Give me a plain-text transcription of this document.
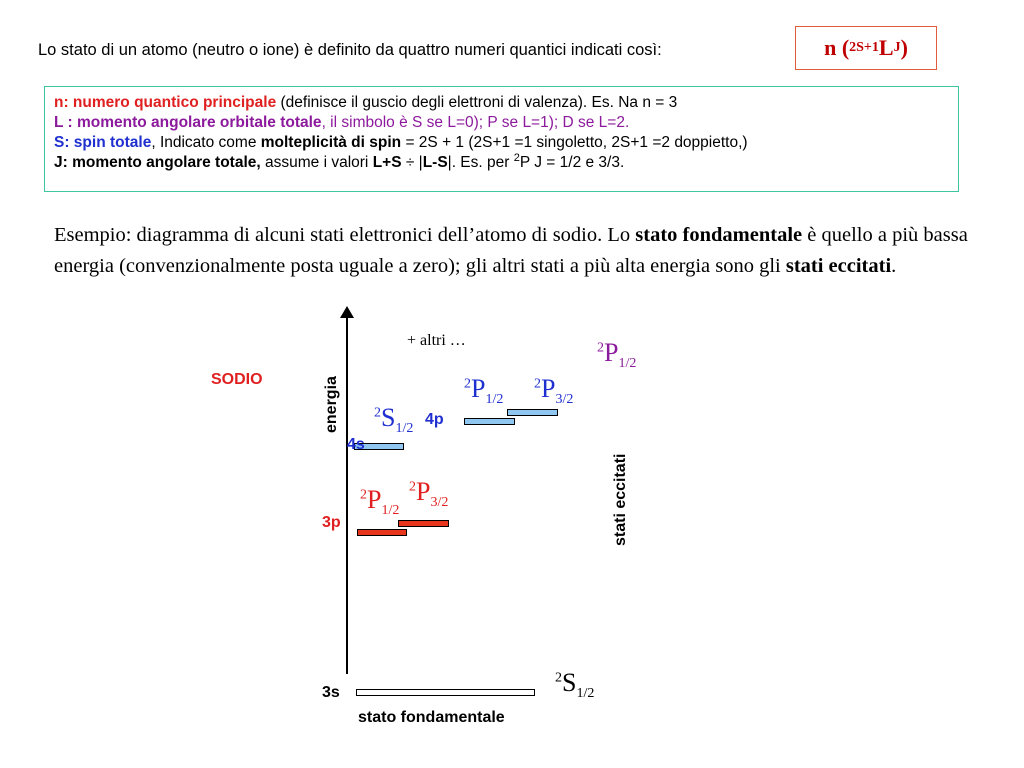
Lo stato di un atomo (neutro o ione) è definito da quattro numeri quantici indicati così:	n ( 2S+1 L J )
n: numero quantico principale (definisce il guscio degli elettroni di valenza). Es. Na n = 3
L : momento angolare orbitale totale, il simbolo è S se L=0); P se L=1); D se L=2.
S: spin totale, Indicato come molteplicità di spin = 2S + 1 (2S+1 =1 singoletto, 2S+1 =2 doppietto,)
J: momento angolare totale, assume i valori L+S ÷ |L-S|. Es. per $^2$P J = 1/2 e 3/3.
Esempio: diagramma di alcuni stati elettronici dell’atomo di sodio. Lo stato fondamentale è quello a più bassa energia (convenzionalmente posta uguale a zero); gli altri stati a più alta energia sono gli stati eccitati.
SODIO	energia
stati eccitati
+ altri …	$^2P_{1/2}$
$^2P_{1/2}$
$^2P_{3/2}$
4p
$^2S_{1/2}$
4s
$^2P_{1/2}$
$^2P_{3/2}$
3p
$^2S_{1/2}$
3s
stato fondamentale
